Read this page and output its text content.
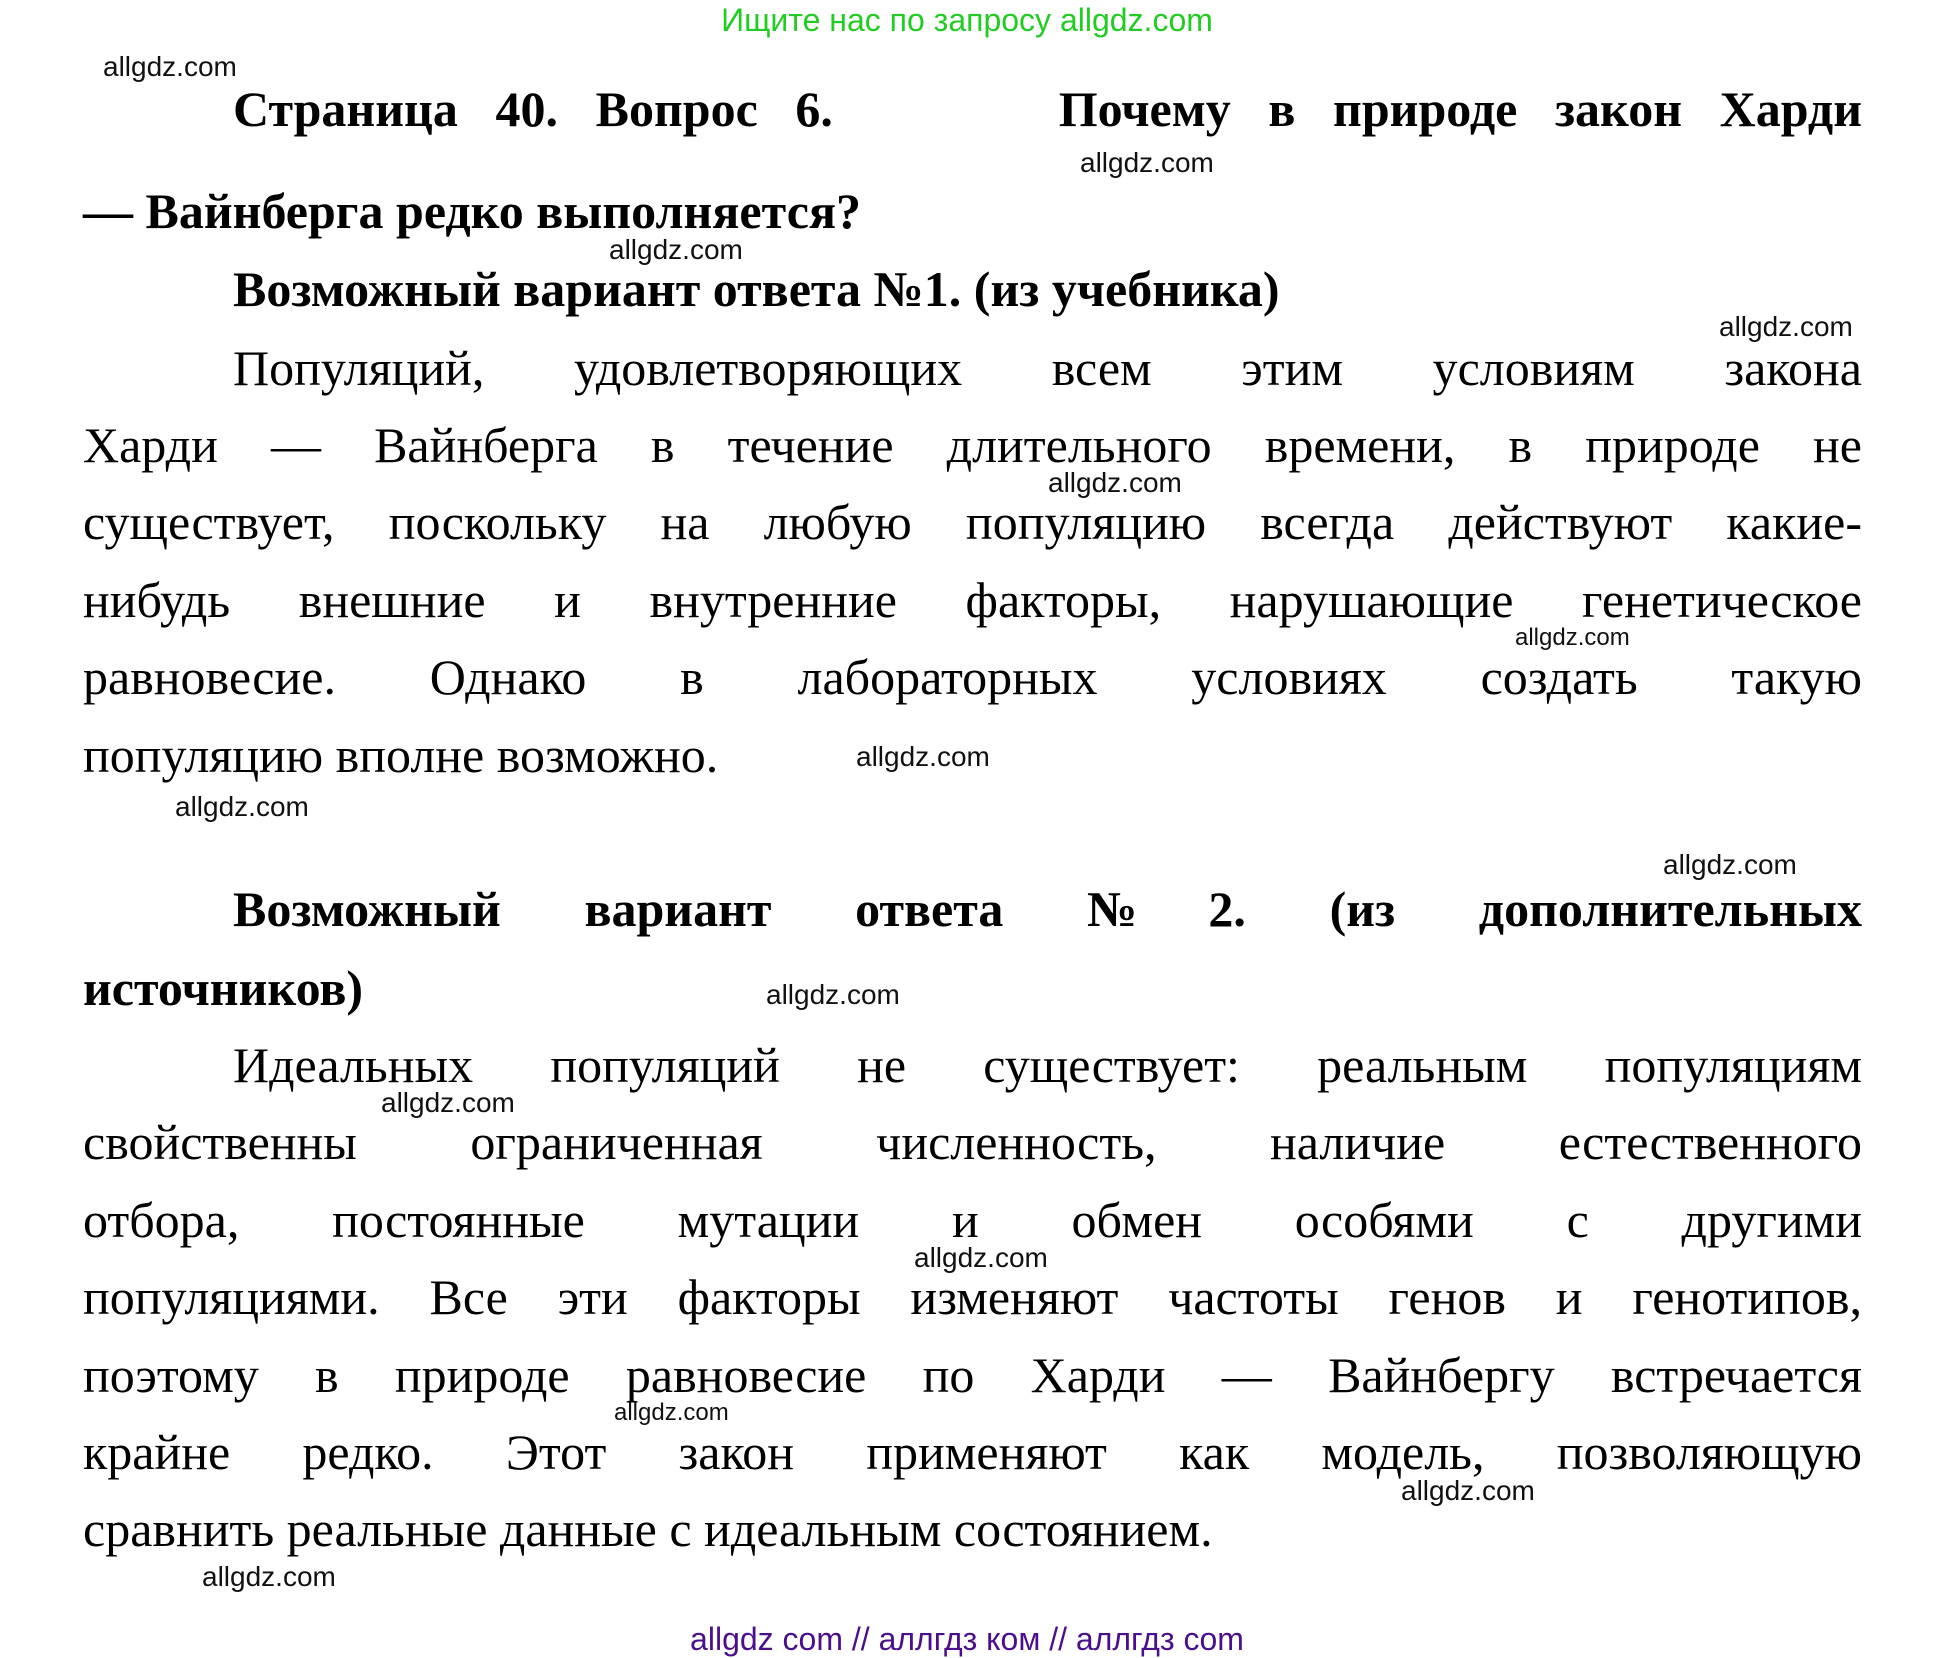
Ищите нас по запросу allgdz.com
Страница 40. Вопрос 6.      Почему в природе закон Харди
— Вайнберга редко выполняется?
Возможный вариант ответа №1. (из учебника)
Популяций, удовлетворяющих всем этим условиям закона
Харди — Вайнберга в течение длительного времени, в природе не
существует, поскольку на любую популяцию всегда действуют какие-
нибудь внешние и внутренние факторы, нарушающие генетическое
равновесие. Однако в лабораторных условиях создать такую
популяцию вполне возможно.
Возможный вариант ответа №2. (из дополнительных
источников)
Идеальных популяций не существует: реальным популяциям
свойственны ограниченная численность, наличие естественного
отбора, постоянные мутации и обмен особями с другими
популяциями. Все эти факторы изменяют частоты генов и генотипов,
поэтому в природе равновесие по Харди — Вайнбергу встречается
крайне редко. Этот закон применяют как модель, позволяющую
сравнить реальные данные с идеальным состоянием.
allgdz.com
allgdz.com
allgdz.com
allgdz.com
allgdz.com
allgdz.com
allgdz.com
allgdz.com
allgdz.com
allgdz.com
allgdz.com
allgdz.com
allgdz.com
allgdz.com
allgdz.com
allgdz com // аллгдз ком // аллгдз com
